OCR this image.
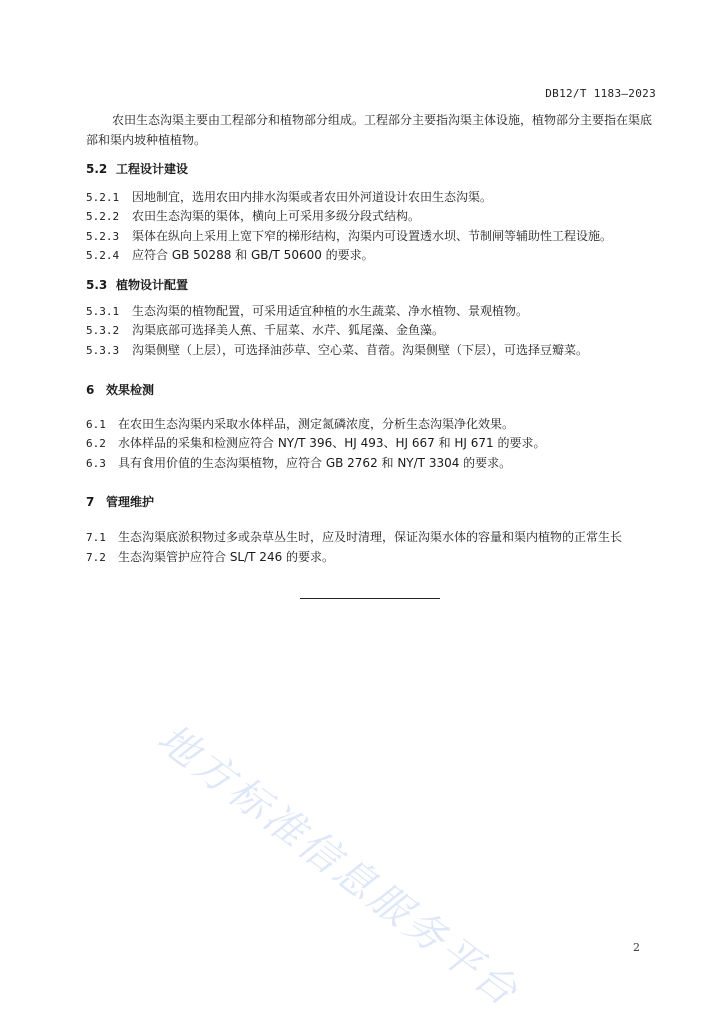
DB12/T 1183—2023

农田生态沟渠主要由工程部分和植物部分组成。工程部分主要指沟渠主体设施，植物部分主要指在渠底部和渠内坡种植植物。

5.2 工程设计建设

5.2.1 因地制宜，选用农田内排水沟渠或者农田外河道设计农田生态沟渠。

5.2.2 农田生态沟渠的渠体，横向上可采用多级分段式结构。

5.2.3 渠体在纵向上采用上宽下窄的梯形结构，沟渠内可设置透水坝、节制闸等辅助性工程设施。

5.2.4 应符合 GB 50288 和 GB/T 50600 的要求。

5.3 植物设计配置

5.3.1 生态沟渠的植物配置，可采用适宜种植的水生蔬菜、净水植物、景观植物。

5.3.2 沟渠底部可选择美人蕉、千屈菜、水芹、狐尾藻、金鱼藻。

5.3.3 沟渠侧壁（上层），可选择油莎草、空心菜、苜蓿。沟渠侧壁（下层），可选择豆瓣菜。

6 效果检测

6.1 在农田生态沟渠内采取水体样品，测定氮磷浓度，分析生态沟渠净化效果。

6.2 水体样品的采集和检测应符合 NY/T 396、HJ 493、HJ 667 和 HJ 671 的要求。

6.3 具有食用价值的生态沟渠植物，应符合 GB 2762 和 NY/T 3304 的要求。

7 管理维护

7.1 生态沟渠底淤积物过多或杂草丛生时，应及时清理，保证沟渠水体的容量和渠内植物的正常生长

7.2 生态沟渠管护应符合 SL/T 246 的要求。

地方标准信息服务平台	2
